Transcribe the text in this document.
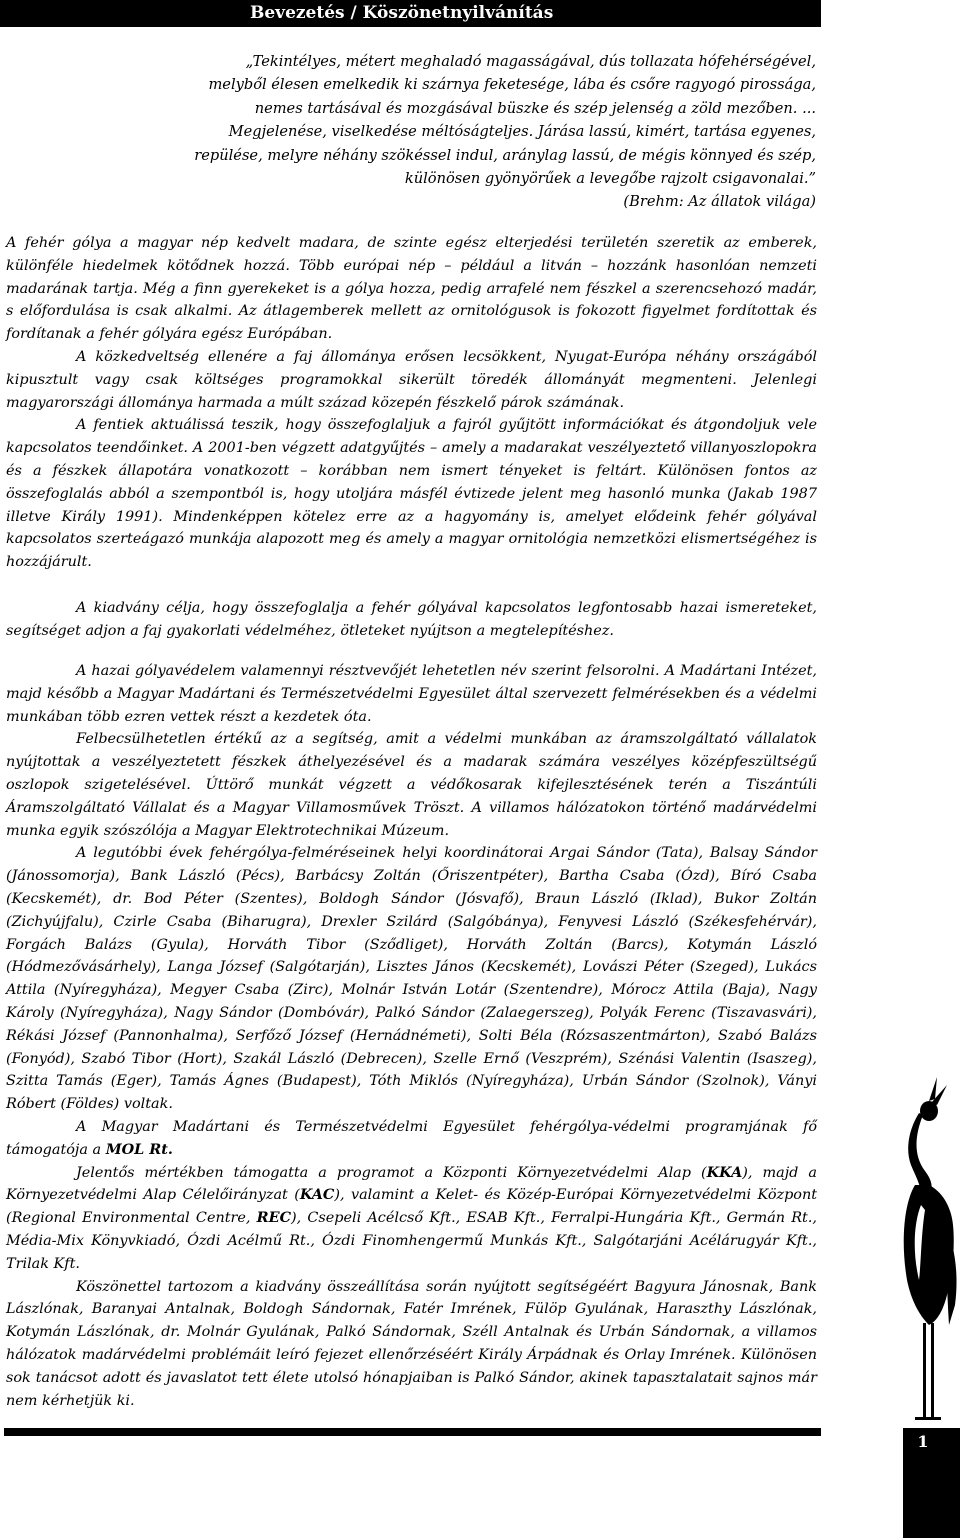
Bevezetés / Köszönetnyilvánítás
„Tekintélyes, métert meghaladó magasságával, dús tollazata hófehérségével,
melyből élesen emelkedik ki szárnya feketesége, lába és csőre ragyogó pirossága,
nemes tartásával és mozgásával büszke és szép jelenség a zöld mezőben. ...
Megjelenése, viselkedése méltóságteljes. Járása lassú, kimért, tartása egyenes,
repülése, melyre néhány szökéssel indul, aránylag lassú, de mégis könnyed és szép,
különösen gyönyörűek a levegőbe rajzolt csigavonalai.”
(Brehm: Az állatok világa)

A fehér gólya a magyar nép kedvelt madara, de szinte egész elterjedési területén szeretik az emberek, különféle hiedelmek kötődnek hozzá. Több európai nép – például a litván – hozzánk hasonlóan nemzeti madarának tartja. Még a finn gyerekeket is a gólya hozza, pedig arrafelé nem fészkel a szerencsehozó madár, s előfordulása is csak alkalmi. Az átlagemberek mellett az ornitológusok is fokozott figyelmet fordítottak és fordítanak a fehér gólyára egész Európában.

A közkedveltség ellenére a faj állománya erősen lecsökkent, Nyugat-Európa néhány országából kipusztult vagy csak költséges programokkal sikerült töredék állományát megmenteni. Jelenlegi magyarországi állománya harmada a múlt század közepén fészkelő párok számának.

A fentiek aktuálissá teszik, hogy összefoglaljuk a fajról gyűjtött információkat és átgondoljuk vele kapcsolatos teendőinket. A 2001-ben végzett adatgyűjtés – amely a madarakat veszélyeztető villanyoszlopokra és a fészkek állapotára vonatkozott – korábban nem ismert tényeket is feltárt. Különösen fontos az összefoglalás abból a szempontból is, hogy utoljára másfél évtizede jelent meg hasonló munka (Jakab 1987 illetve Király 1991). Mindenképpen kötelez erre az a hagyomány is, amelyet elődeink fehér gólyával kapcsolatos szerteágazó munkája alapozott meg és amely a magyar ornitológia nemzetközi elismertségéhez is hozzájárult.

A kiadvány célja, hogy összefoglalja a fehér gólyával kapcsolatos legfontosabb hazai ismereteket, segítséget adjon a faj gyakorlati védelméhez, ötleteket nyújtson a megtelepítéshez.

A hazai gólyavédelem valamennyi résztvevőjét lehetetlen név szerint felsorolni. A Madártani Intézet, majd később a Magyar Madártani és Természetvédelmi Egyesület által szervezett felmérésekben és a védelmi munkában több ezren vettek részt a kezdetek óta.

Felbecsülhetetlen értékű az a segítség, amit a védelmi munkában az áramszolgáltató vállalatok nyújtottak a veszélyeztetett fészkek áthelyezésével és a madarak számára veszélyes középfeszültségű oszlopok szigetelésével. Úttörő munkát végzett a védőkosarak kifejlesztésének terén a Tiszántúli Áramszolgáltató Vállalat és a Magyar Villamosművek Tröszt. A villamos hálózatokon történő madárvédelmi munka egyik szószólója a Magyar Elektrotechnikai Múzeum.

A legutóbbi évek fehérgólya-felméréseinek helyi koordinátorai Argai Sándor (Tata), Balsay Sándor (Jánossomorja), Bank László (Pécs), Barbácsy Zoltán (Őriszentpéter), Bartha Csaba (Ózd), Bíró Csaba (Kecskemét), dr. Bod Péter (Szentes), Boldogh Sándor (Jósvafő), Braun László (Iklad), Bukor Zoltán (Zichyújfalu), Czirle Csaba (Biharugra), Drexler Szilárd (Salgóbánya), Fenyvesi László (Székesfehérvár), Forgách Balázs (Gyula), Horváth Tibor (Sződliget), Horváth Zoltán (Barcs), Kotymán László (Hódmezővásárhely), Langa József (Salgótarján), Lisztes János (Kecskemét), Lovászi Péter (Szeged), Lukács Attila (Nyíregyháza), Megyer Csaba (Zirc), Molnár István Lotár (Szentendre), Mórocz Attila (Baja), Nagy Károly (Nyíregyháza), Nagy Sándor (Dombóvár), Palkó Sándor (Zalaegerszeg), Polyák Ferenc (Tiszavasvári), Rékási József (Pannonhalma), Serfőző József (Hernádnémeti), Solti Béla (Rózsaszentmárton), Szabó Balázs (Fonyód), Szabó Tibor (Hort), Szakál László (Debrecen), Szelle Ernő (Veszprém), Szénási Valentin (Isaszeg), Szitta Tamás (Eger), Tamás Ágnes (Budapest), Tóth Miklós (Nyíregyháza), Urbán Sándor (Szolnok), Ványi Róbert (Földes) voltak.

A Magyar Madártani és Természetvédelmi Egyesület fehérgólya-védelmi programjának fő támogatója a MOL Rt.

Jelentős mértékben támogatta a programot a Központi Környezetvédelmi Alap (KKA), majd a Környezetvédelmi Alap Célelőirányzat (KAC), valamint a Kelet- és Közép-Európai Környezetvédelmi Központ (Regional Environmental Centre, REC), Csepeli Acélcső Kft., ESAB Kft., Ferralpi-Hungária Kft., Germán Rt., Média-Mix Könyvkiadó, Ózdi Acélmű Rt., Ózdi Finomhengermű Munkás Kft., Salgótarjáni Acélárugyár Kft., Trilak Kft.

Köszönettel tartozom a kiadvány összeállítása során nyújtott segítségéért Bagyura Jánosnak, Bank Lászlónak, Baranyai Antalnak, Boldogh Sándornak, Fatér Imrének, Fülöp Gyulának, Haraszthy Lászlónak, Kotymán Lászlónak, dr. Molnár Gyulának, Palkó Sándornak, Széll Antalnak és Urbán Sándornak, a villamos hálózatok madárvédelmi problémáit leíró fejezet ellenőrzéséért Király Árpádnak és Orlay Imrének. Különösen sok tanácsot adott és javaslatot tett élete utolsó hónapjaiban is Palkó Sándor, akinek tapasztalatait sajnos már nem kérhetjük ki.

1
